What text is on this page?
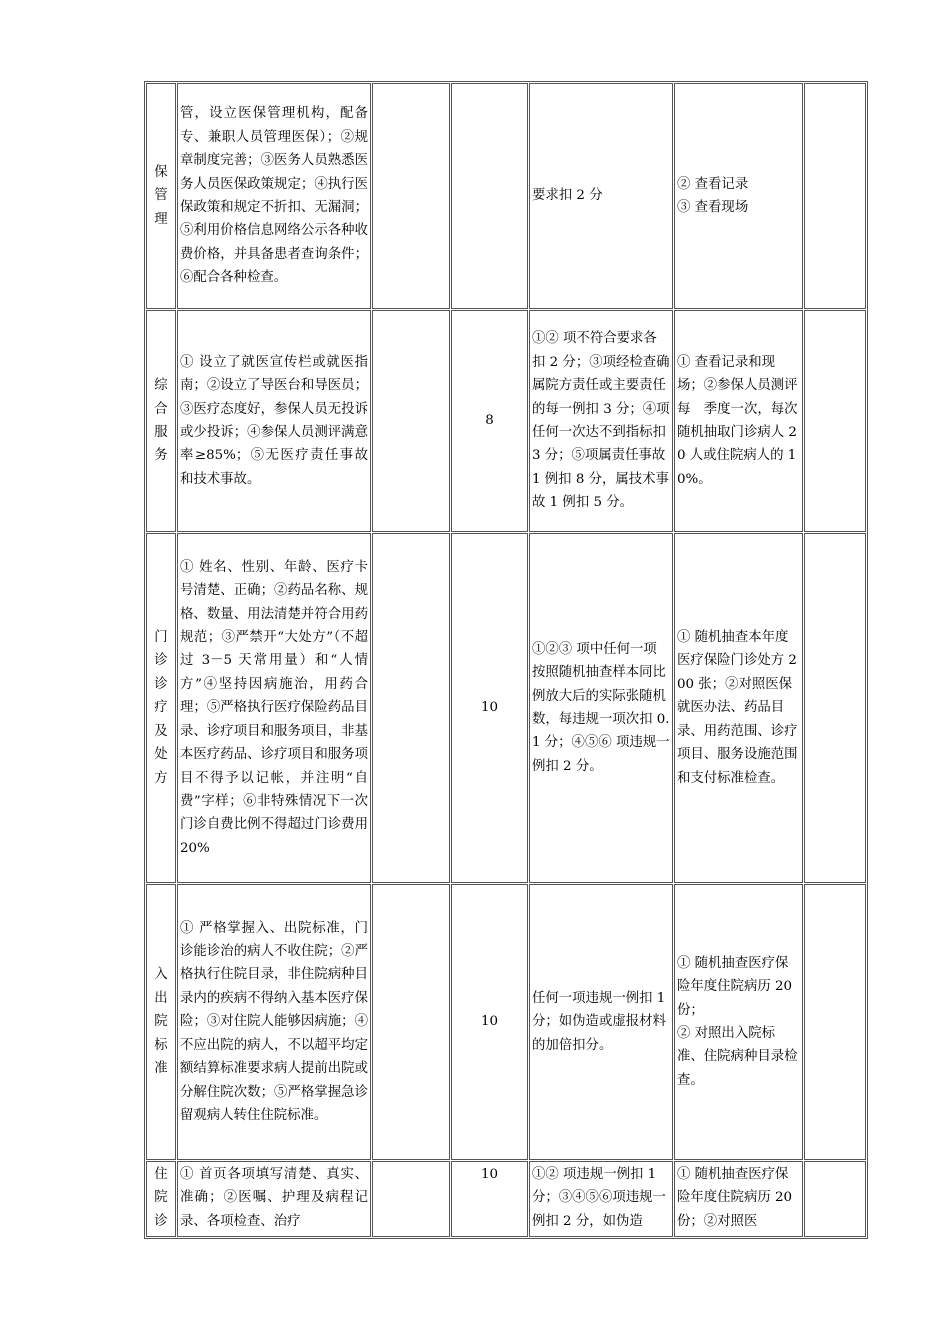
保管理	管，设立医保管理机构，配备专、兼职人员管理医保）；②规章制度完善；③医务人员熟悉医务人员医保政策规定；④执行医保政策和规定不折扣、无漏洞；⑤利用价格信息网络公示各种收费价格，并具备患者查询条件；⑥配合各种检查。			要求扣 2 分	② 查看记录
③ 查看现场	

综合服务	① 设立了就医宣传栏或就医指南；②设立了导医台和导医员；③医疗态度好，参保人员无投诉或少投诉；④参保人员测评满意率≥85%；⑤无医疗责任事故和技术事故。		8	①② 项不符合要求各扣 2 分；③项经检查确属院方责任或主要责任的每一例扣 3 分；④项任何一次达不到指标扣 3 分；⑤项属责任事故 1 例扣 8 分，属技术事故 1 例扣 5 分。	① 查看记录和现场；②参保人员测评每　季度一次，每次随机抽取门诊病人 20 人或住院病人的 10%。	
门诊诊疗及处方	① 姓名、性别、年龄、医疗卡号清楚、正确；②药品名称、规格、数量、用法清楚并符合用药规范；③严禁开“大处方”（不超过 3－5 天常用量）和“人情方”④坚持因病施治，用药合理；⑤严格执行医疗保险药品目录、诊疗项目和服务项目，非基本医疗药品、诊疗项目和服务项目不得予以记帐，并注明“自费”字样；⑥非特殊情况下一次门诊自费比例不得超过门诊费用 20%		10	①②③ 项中任何一项按照随机抽查样本同比例放大后的实际张随机数，每违规一项次扣 0.1 分；④⑤⑥ 项违规一例扣 2 分。	① 随机抽查本年度医疗保险门诊处方 200 张；②对照医保就医办法、药品目录、用药范围、诊疗项目、服务设施范围和支付标准检查。	
入出院标准	① 严格掌握入、出院标准，门诊能诊治的病人不收住院；②严格执行住院目录，非住院病种目录内的疾病不得纳入基本医疗保险；③对住院人能够因病施；④不应出院的病人，不以超平均定额结算标准要求病人提前出院或分解住院次数；⑤严格掌握急诊留观病人转住住院标准。		10	任何一项违规一例扣 1 分；如伪造或虚报材料的加倍扣分。	① 随机抽查医疗保险年度住院病历 20 份；
② 对照出入院标准、住院病种目录检查。	

住院诊	① 首页各项填写清楚、真实、准确；②医嘱、护理及病程记录、各项检查、治疗		10	①② 项违规一例扣 1 分；③④⑤⑥项违规一例扣 2 分，如伪造	① 随机抽查医疗保险年度住院病历 20 份；②对照医	
